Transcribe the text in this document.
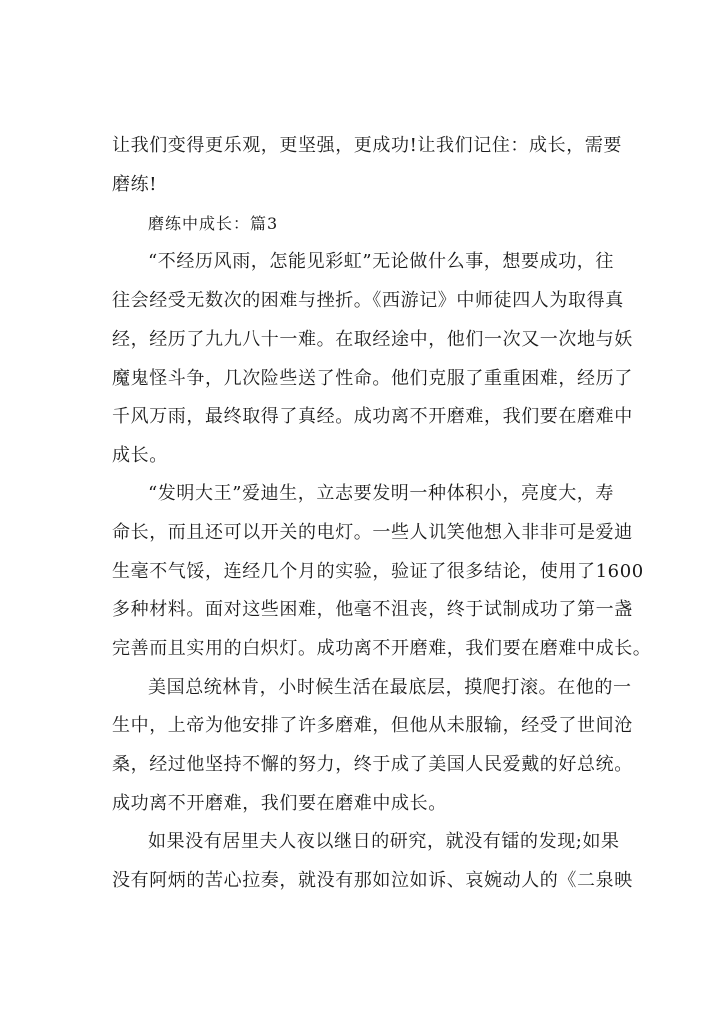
让我们变得更乐观，更坚强，更成功!让我们记住：成长，需要
磨练!
磨练中成长：篇3
“不经历风雨，怎能见彩虹”无论做什么事，想要成功，往
往会经受无数次的困难与挫折。《西游记》中师徒四人为取得真
经，经历了九九八十一难。在取经途中，他们一次又一次地与妖
魔鬼怪斗争，几次险些送了性命。他们克服了重重困难，经历了
千风万雨，最终取得了真经。成功离不开磨难，我们要在磨难中
成长。
“发明大王”爱迪生，立志要发明一种体积小，亮度大，寿
命长，而且还可以开关的电灯。一些人讥笑他想入非非可是爱迪
生毫不气馁，连经几个月的实验，验证了很多结论，使用了1600
多种材料。面对这些困难，他毫不沮丧，终于试制成功了第一盏
完善而且实用的白炽灯。成功离不开磨难，我们要在磨难中成长。
美国总统林肯，小时候生活在最底层，摸爬打滚。在他的一
生中，上帝为他安排了许多磨难，但他从未服输，经受了世间沧
桑，经过他坚持不懈的努力，终于成了美国人民爱戴的好总统。
成功离不开磨难，我们要在磨难中成长。
如果没有居里夫人夜以继日的研究，就没有镭的发现;如果
没有阿炳的苦心拉奏，就没有那如泣如诉、哀婉动人的《二泉映
